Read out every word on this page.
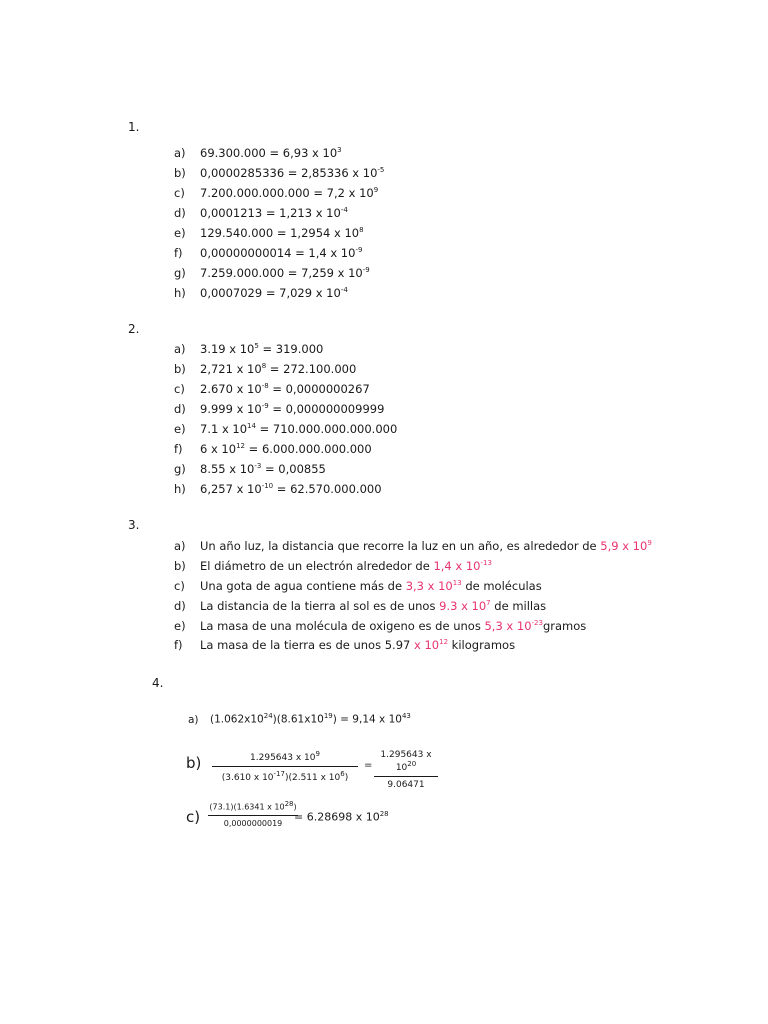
1.
a) 69.300.000 = 6,93 x $10^3$
b) 0,0000285336 = 2,85336 x $10^{-5}$
c) 7.200.000.000.000 = 7,2 x $10^9$
d) 0,0001213 = 1,213 x $10^{-4}$
e) 129.540.000 = 1,2954 x $10^8$
f) 0,00000000014 = 1,4 x $10^{-9}$
g) 7.259.000.000 = 7,259 x $10^{-9}$
h) 0,0007029 = 7,029 x $10^{-4}$
2.
a) 3.19 x $10^5 = 319.000$
b) 2,721 x $10^8 = 272.100.000$
c) 2.670 x $10^{-8} = 0,0000000267$
d) 9.999 x $10^{-9} = 0,000000009999$
e) 7.1 x $10^{14} = 710.000.000.000.000$
f) 6 x $10^{12} = 6.000.000.000.000$
g) 8.55 x $10^{-3} = 0,00855$
h) 6,257 x $10^{-10} = 62.570.000.000$
3.
a) Un año luz, la distancia que recorre la luz en un año, es alrededor de 5,9 x $10^9$
b) El diámetro de un electrón alrededor de 1,4 x $10^{-13}$
c) Una gota de agua contiene más de 3,3 x $10^{13}$ de moléculas
d) La distancia de la tierra al sol es de unos 9.3 x $10^7$ de millas
e) La masa de una molécula de oxigeno es de unos 5,3 x $10^{-23}gramos$
f) La masa de la tierra es de unos 5.97 x $10^{12}$ kilogramos
4.
a) $(1.062x10^{24})(8.61x10^{19}) = 9,14$ x $10^{43}$
b)	1.295643 x $10^9$
(3.610 x $10^{-17})(2.511$ x $10^6$)
=
1.295643 x $10^{20}$
9.06471
c)
(73.1)(1.6341 x 1028)
0,0000000019	= 6.28698 x $10^{28}$
